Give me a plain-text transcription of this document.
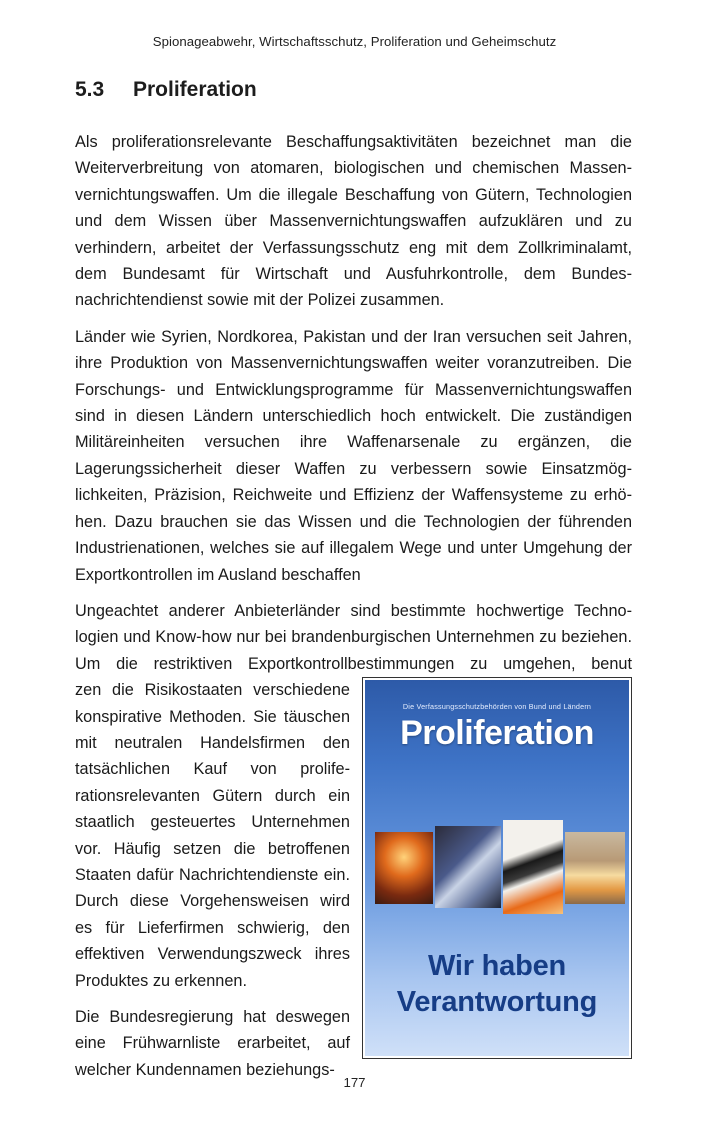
Spionageabwehr, Wirtschaftsschutz, Proliferation und Geheimschutz
5.3 Proliferation

Als proliferationsrelevante Beschaffungsaktivitäten bezeichnet man die Weiterverbreitung von atomaren, biologischen und chemischen Massenvernichtungswaffen. Um die illegale Beschaffung von Gütern, Technologien und dem Wissen über Massenvernichtungswaffen aufzuklären und zu verhindern, arbeitet der Verfassungsschutz eng mit dem Zollkriminalamt, dem Bundesamt für Wirtschaft und Ausfuhrkontrolle, dem Bundesnachrichtendienst sowie mit der Polizei zusammen.

Länder wie Syrien, Nordkorea, Pakistan und der Iran versuchen seit Jahren, ihre Produktion von Massenvernichtungswaffen weiter voranzutreiben. Die Forschungs- und Entwicklungsprogramme für Massenvernichtungswaffen sind in diesen Ländern unterschiedlich hoch entwickelt. Die zuständigen Militäreinheiten versuchen ihre Waffenarsenale zu ergänzen, die Lagerungssicherheit dieser Waffen zu verbessern sowie Einsatzmöglichkeiten, Präzision, Reichweite und Effizienz der Waffensysteme zu erhöhen. Dazu brauchen sie das Wissen und die Technologien der führenden Industrienationen, welches sie auf illegalem Wege und unter Umgehung der Exportkontrollen im Ausland beschaffen

Ungeachtet anderer Anbieterländer sind bestimmte hochwertige Technologien und Know-how nur bei brandenburgischen Unternehmen zu beziehen. Um die restriktiven Exportkontrollbestimmungen zu umgehen, benut

Die Verfassungsschutzbehörden von Bund und Ländern
Proliferation
Wir haben
Verantwortung

zen die Risikostaaten verschiedene konspirative Methoden. Sie täuschen mit neutralen Handelsfirmen den tatsächlichen Kauf von proliferationsrelevanten Gütern durch ein staatlich gesteuertes Unternehmen vor. Häufig setzen die betroffenen Staaten dafür Nachrichtendienste ein. Durch diese Vorgehensweisen wird es für Lieferfirmen schwierig, den effektiven Verwendungszweck ihres Produktes zu erkennen.

Die Bundesregierung hat deswegen eine Frühwarnliste erarbeitet, auf welcher Kundennamen beziehungs-

177
